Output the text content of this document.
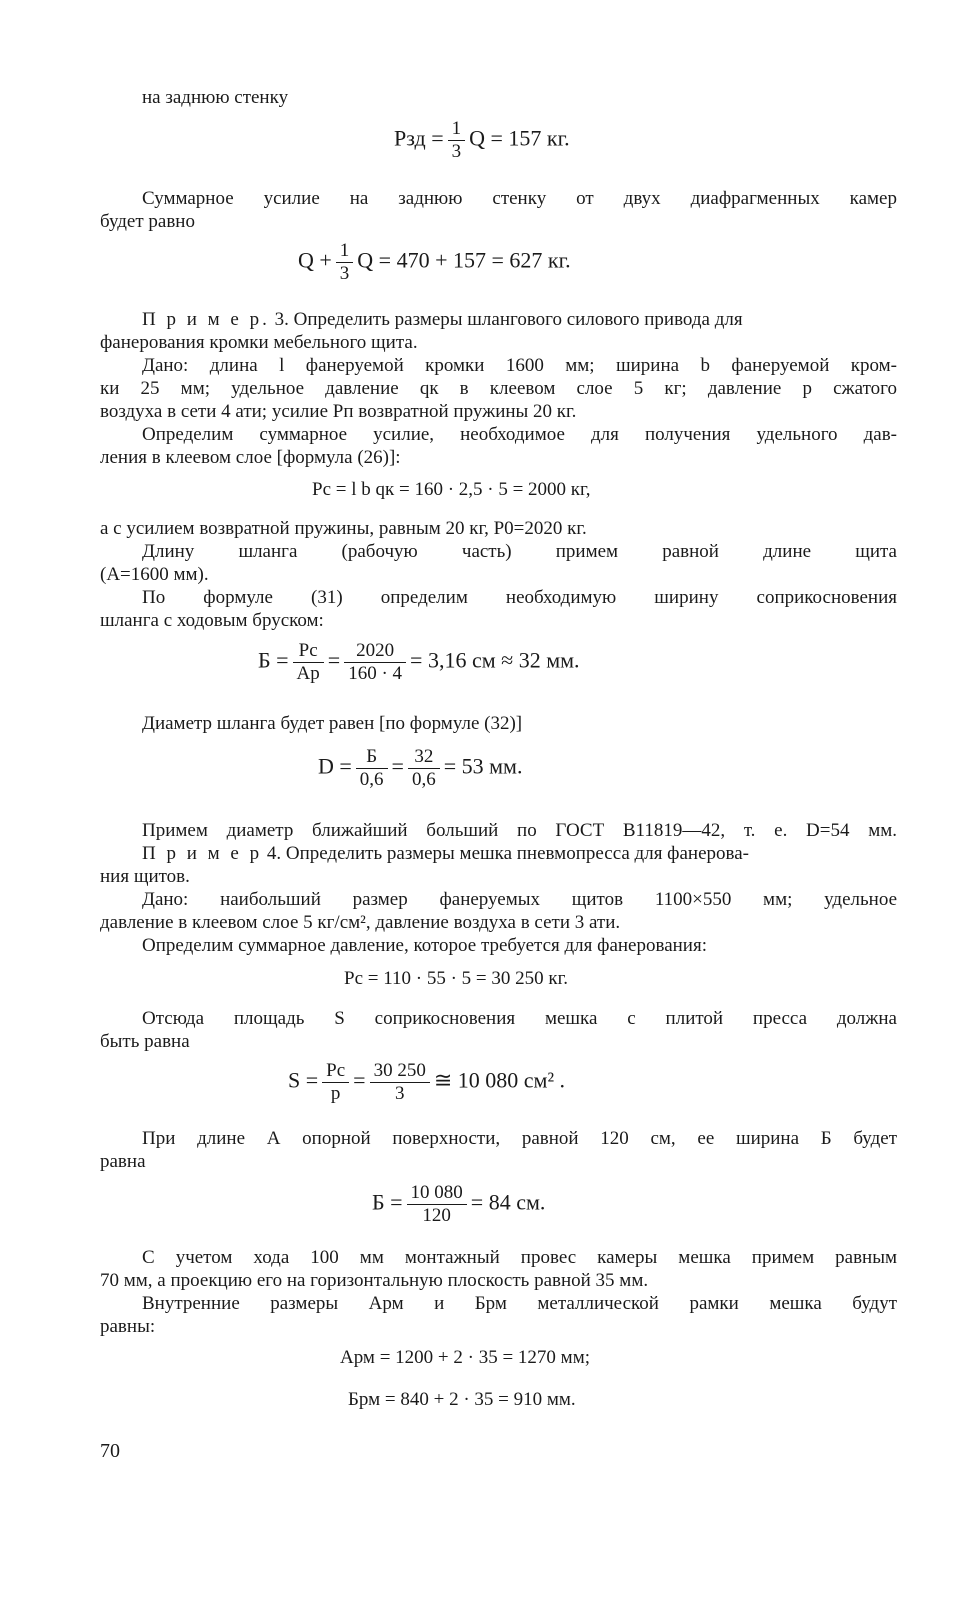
на заднюю стенку
Рзд = $\frac{1}{3}$ Q = 157 кг.
Суммарное усилие на заднюю стенку от двух диафрагменных камер
будет равно
$Q + \frac{1}{3}$ Q = 470 + 157 = 627 кг.
П р и м е р. 3. Определить размеры шлангового силового привода для
фанерования кромки мебельного щита.
Дано: длина l фанеруемой кромки 1600 мм; ширина b фанеруемой кром-
ки 25 мм; удельное давление qк в клеевом слое 5 кг; давление p сжатого
воздуха в сети 4 ати; усилие Рп возвратной пружины 20 кг.
Определим суммарное усилие, необходимое для получения удельного дав-
ления в клеевом слое [формула (26)]:
Рс = l b qк = 160 · 2,5 · 5 = 2000 кг,
а с усилием возвратной пружины, равным 20 кг, Р0=2020 кг.
Длину шланга (рабочую часть) примем равной длине щита
(А=1600 мм).
По формуле (31) определим необходимую ширину соприкосновения
шланга с ходовым бруском:
$Б = \frac{Рс}{Ap} = \frac{2020}{160 \cdot 4} = 3,16$ см ≈ 32 мм.
Диаметр шланга будет равен [по формуле (32)]
$D = \frac{Б}{0,6} = \frac{32}{0,6} = 53$ мм.
Примем диаметр ближайший больший по ГОСТ В11819—42, т. е. D=54 мм.
П р и м е р 4. Определить размеры мешка пневмопресса для фанерова-
ния щитов.
Дано: наибольший размер фанеруемых щитов 1100×550 мм; удельное
давление в клеевом слое 5 кг/см², давление воздуха в сети 3 ати.
Определим суммарное давление, которое требуется для фанерования:
Рс = 110 · 55 · 5 = 30 250 кг.
Отсюда площадь S соприкосновения мешка с плитой пресса должна
быть равна
$S = \frac{Рс}{p} = \frac{30 250}{3}$ ≅ 10 080 см² .
При длине А опорной поверхности, равной 120 см, ее ширина Б будет
равна
$Б = \frac{10 080}{120} = 84$ см.
С учетом хода 100 мм монтажный провес камеры мешка примем равным
70 мм, а проекцию его на горизонтальную плоскость равной 35 мм.
Внутренние размеры Арм и Брм металлической рамки мешка будут
равны:
Арм = 1200 + 2 · 35 = 1270 мм;
Брм = 840 + 2 · 35 = 910 мм.
70
